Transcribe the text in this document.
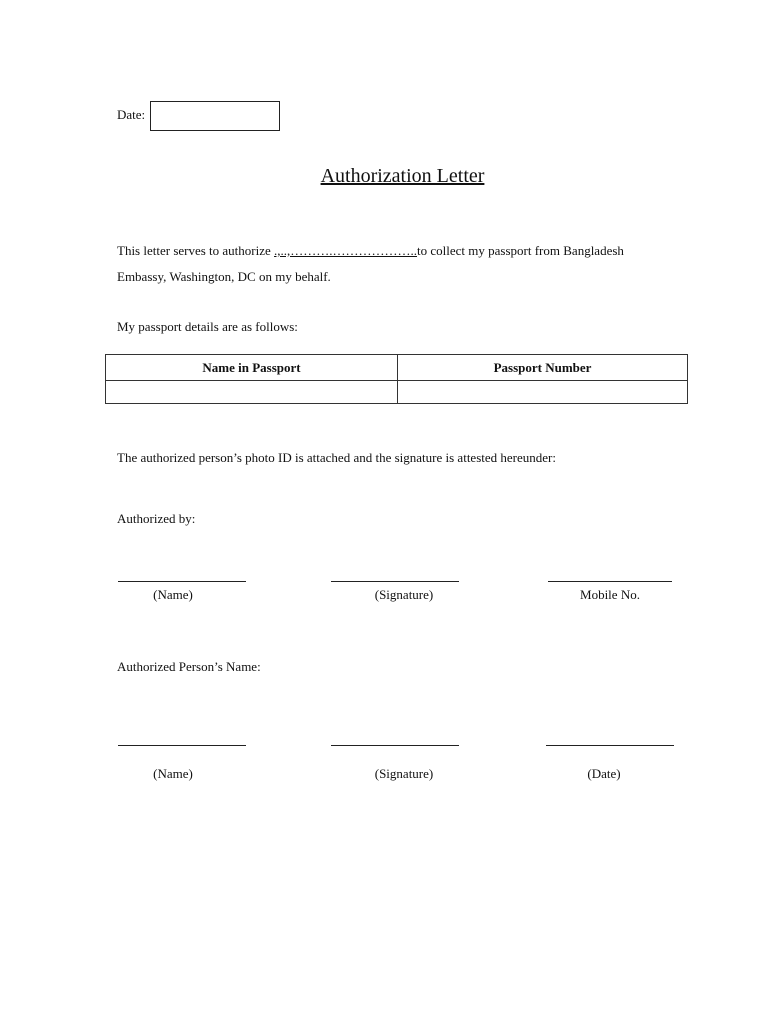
Date:
Authorization Letter
This letter serves to authorize .,..,……….………………..to collect my passport from Bangladesh
Embassy, Washington, DC on my behalf.
My passport details are as follows:
Name in Passport	Passport Number

The authorized person’s photo ID is attached and the signature is attested hereunder:
Authorized by:
(Name)	(Signature)	Mobile No.
Authorized Person’s Name:
(Name)	(Signature)	(Date)
